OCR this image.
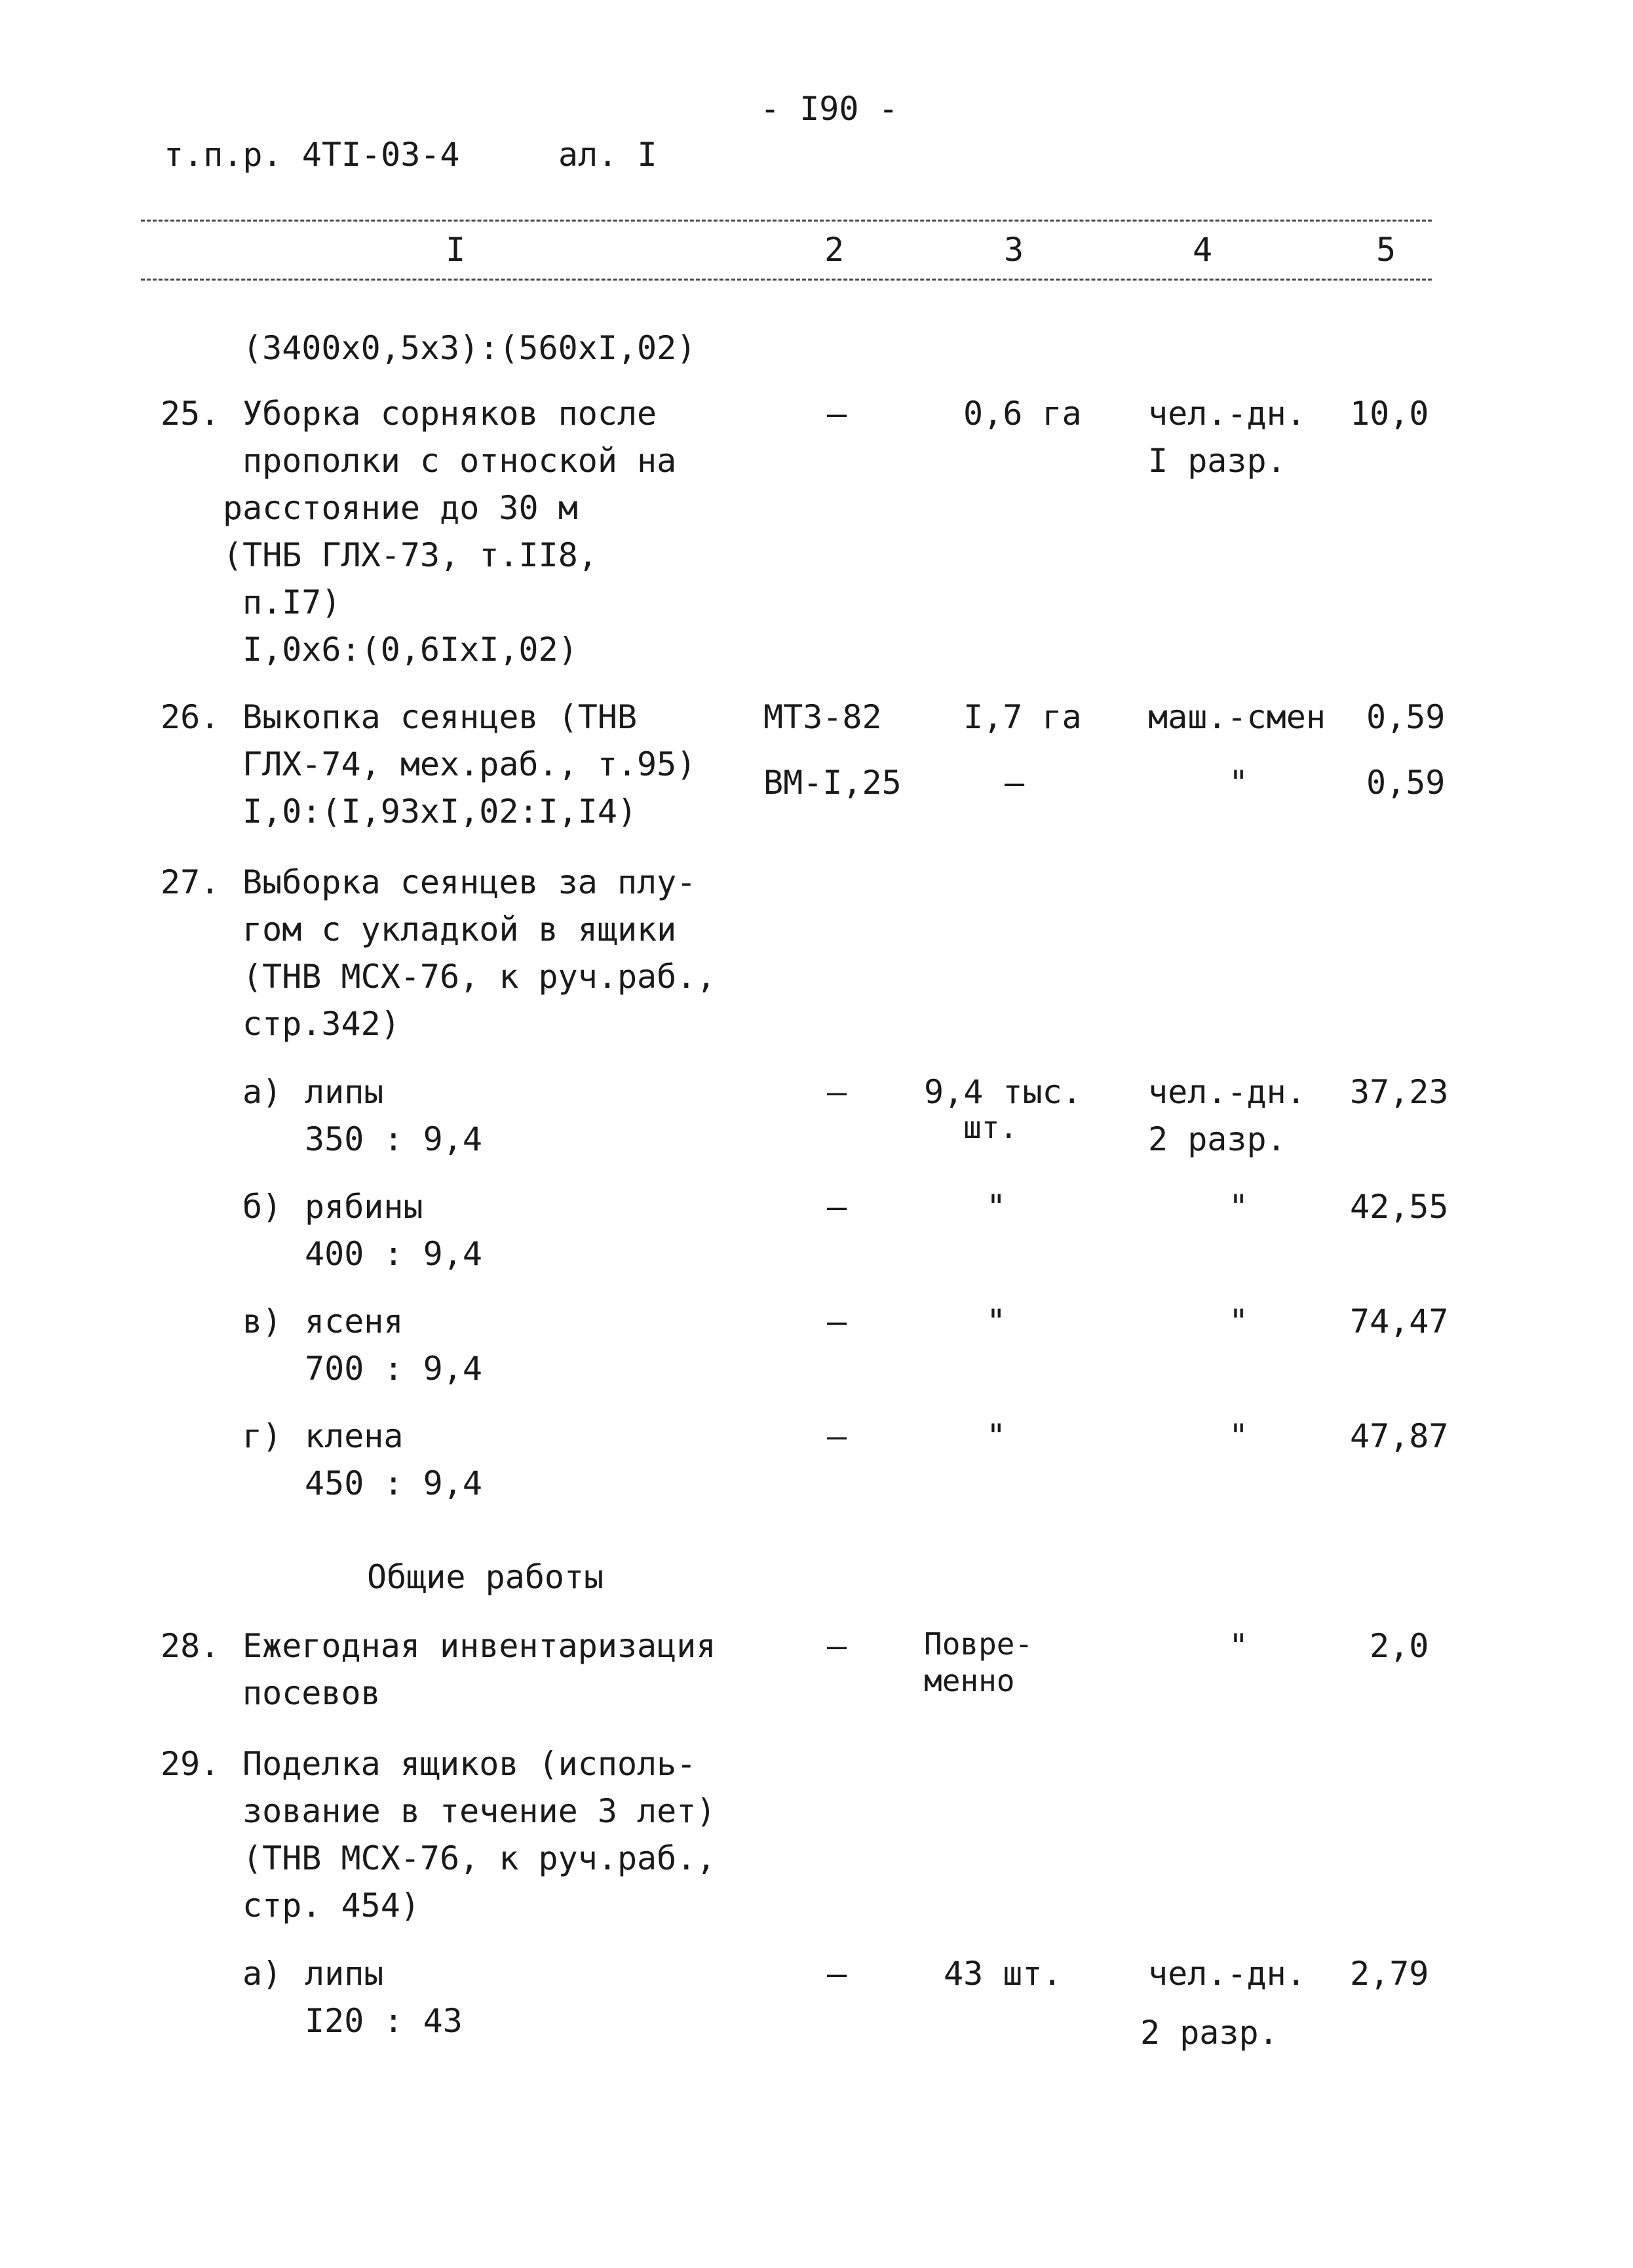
- I90 -
т.п.р. 4ТI-03-4     ал. I
I	2	3	4	5
(3400x0,5x3):(560xI,02)
25. Уборка сорняков после
прополки с отноской на
расстояние до 30 м
(ТНБ ГЛХ-73, т.II8,
п.I7)
I,0x6:(0,6IxI,02)
–	0,6 га чел.-дн.
I разр.
10,0
26. Выкопка сеянцев (ТНВ
ГЛХ-74, мех.раб., т.95)
I,0:(I,93xI,02:I,I4)
МТЗ-82 I,7 га маш.-смен 0,59
ВМ-I,25	–	"	0,59
27. Выборка сеянцев за плу-
гом с укладкой в ящики
(ТНВ МСХ-76, к руч.раб.,
стр.342)
а) липы
350 : 9,4
– 9,4 тыс.
шт.
чел.-дн.
2 разр.
37,23
б) рябины
400 : 9,4
–	"	"	42,55
в) ясеня
700 : 9,4
–	"	"	74,47
г) клена
450 : 9,4
–	"	"	47,87
Общие работы
28. Ежегодная инвентаризация
посевов
–	Повре-
менно
"	2,0
29. Поделка ящиков (исполь-
зование в течение 3 лет)
(ТНВ МСХ-76, к руч.раб.,
стр. 454)
а) липы
I20 : 43
–	43 шт.	чел.-дн.
2 разр.
2,79
